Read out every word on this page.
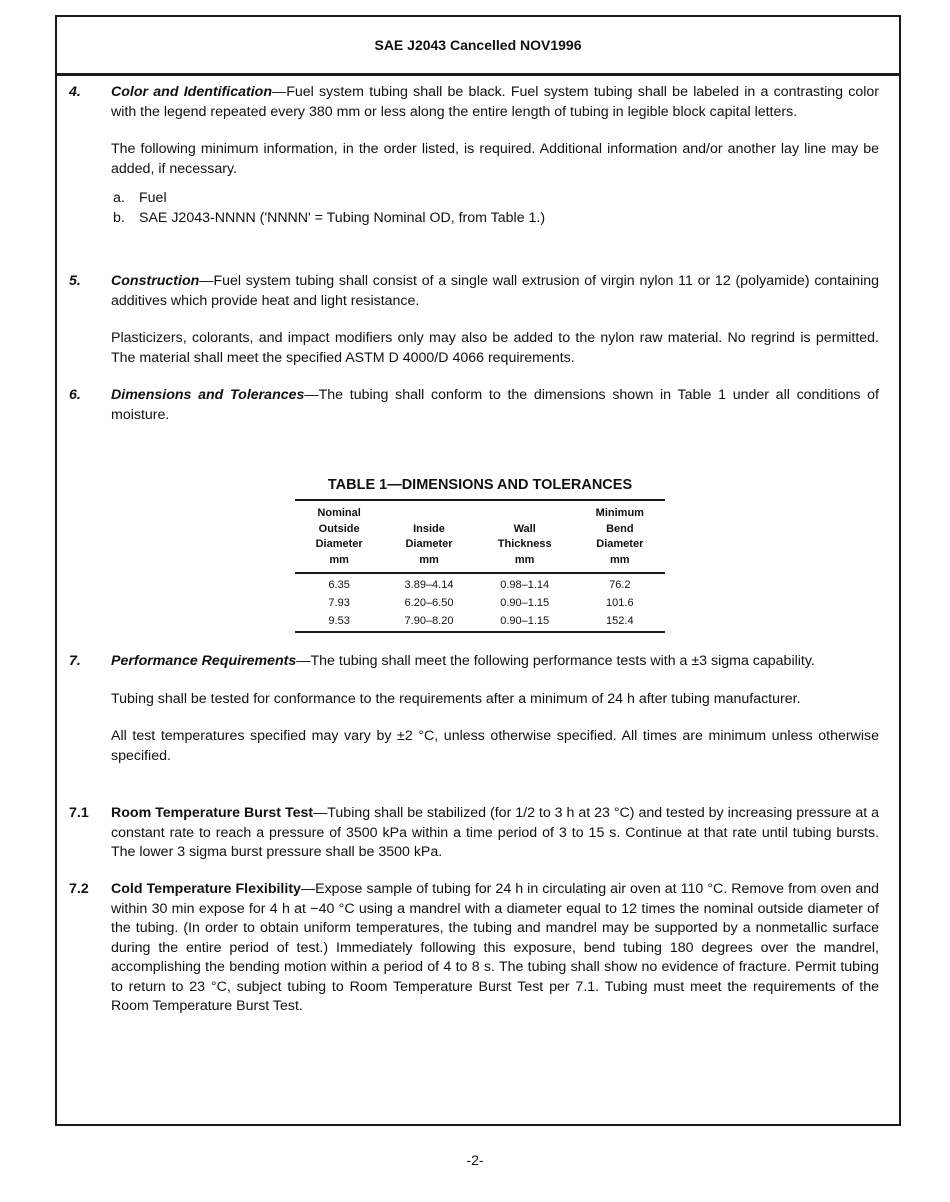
SAE J2043 Cancelled NOV1996
4. Color and Identification—Fuel system tubing shall be black. Fuel system tubing shall be labeled in a contrasting color with the legend repeated every 380 mm or less along the entire length of tubing in legible block capital letters.

The following minimum information, in the order listed, is required. Additional information and/or another lay line may be added, if necessary.

a. Fuel
b. SAE J2043-NNNN ('NNNN' = Tubing Nominal OD, from Table 1.)
5. Construction—Fuel system tubing shall consist of a single wall extrusion of virgin nylon 11 or 12 (polyamide) containing additives which provide heat and light resistance.

Plasticizers, colorants, and impact modifiers only may also be added to the nylon raw material. No regrind is permitted. The material shall meet the specified ASTM D 4000/D 4066 requirements.

6. Dimensions and Tolerances—The tubing shall conform to the dimensions shown in Table 1 under all conditions of moisture.

TABLE 1—DIMENSIONS AND TOLERANCES
Nominal
Outside
Diameter
mm	Inside
Diameter
mm	Wall
Thickness
mm	Minimum
Bend
Diameter
mm
6.35	3.89–4.14	0.98–1.14	76.2
7.93	6.20–6.50	0.90–1.15	101.6
9.53	7.90–8.20	0.90–1.15	152.4
7. Performance Requirements—The tubing shall meet the following performance tests with a ±3 sigma capability.

Tubing shall be tested for conformance to the requirements after a minimum of 24 h after tubing manufacturer.

All test temperatures specified may vary by ±2 °C, unless otherwise specified. All times are minimum unless otherwise specified.

7.1 Room Temperature Burst Test—Tubing shall be stabilized (for 1/2 to 3 h at 23 °C) and tested by increasing pressure at a constant rate to reach a pressure of 3500 kPa within a time period of 3 to 15 s. Continue at that rate until tubing bursts. The lower 3 sigma burst pressure shall be 3500 kPa.

7.2 Cold Temperature Flexibility—Expose sample of tubing for 24 h in circulating air oven at 110 °C. Remove from oven and within 30 min expose for 4 h at −40 °C using a mandrel with a diameter equal to 12 times the nominal outside diameter of the tubing. (In order to obtain uniform temperatures, the tubing and mandrel may be supported by a nonmetallic surface during the entire period of test.) Immediately following this exposure, bend tubing 180 degrees over the mandrel, accomplishing the bending motion within a period of 4 to 8 s. The tubing shall show no evidence of fracture. Permit tubing to return to 23 °C, subject tubing to Room Temperature Burst Test per 7.1. Tubing must meet the requirements of the Room Temperature Burst Test.

-2-
